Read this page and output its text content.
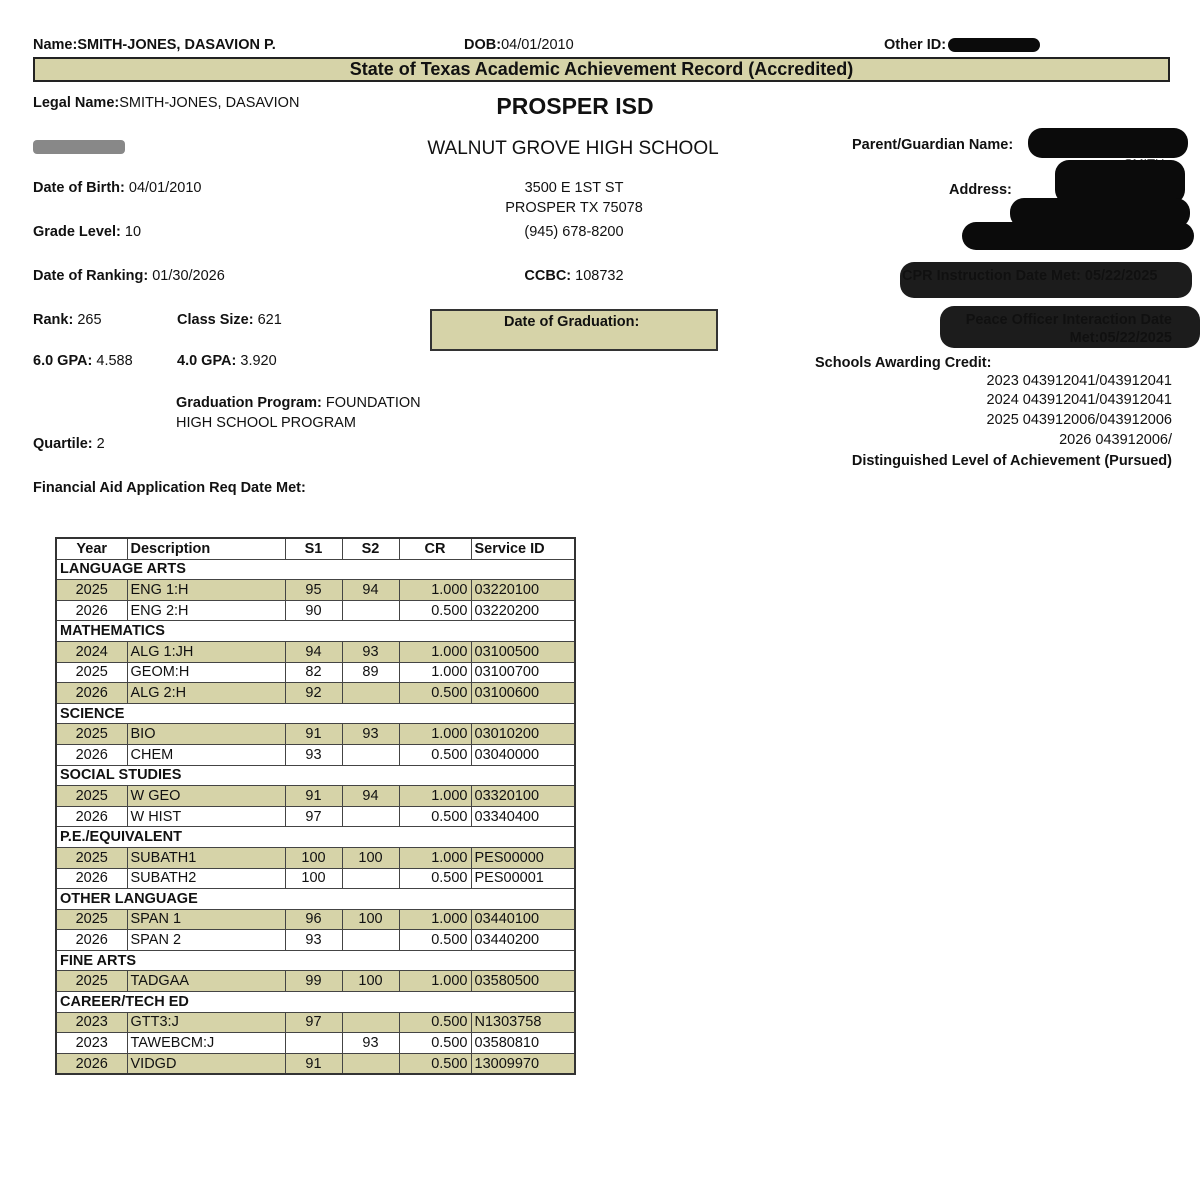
Name:SMITH-JONES, DASAVION P.	DOB:04/01/2010	Other ID:
State of Texas Academic Achievement Record (Accredited)
Legal Name:SMITH-JONES, DASAVION
Date of Birth: 04/01/2010
Grade Level: 10
Date of Ranking: 01/30/2026
Rank: 265	Class Size: 621
6.0 GPA: 4.588	4.0 GPA: 3.920
Graduation Program: FOUNDATION
HIGH SCHOOL PROGRAM
Quartile: 2
Financial Aid Application Req Date Met:
PROSPER ISD
WALNUT GROVE HIGH SCHOOL
3500 E 1ST ST
PROSPER TX 75078
(945) 678-8200
CCBC: 108732
Date of Graduation:
Parent/Guardian Name:
Address:
Schools Awarding Credit:
2023 043912041/043912041
2024 043912041/043912041
2025 043912006/043912006
2026 043912006/
Distinguished Level of Achievement (Pursued)
Year	Description	S1	S2	CR	Service ID
LANGUAGE ARTS					
2025	ENG 1:H	95	94	1.000	03220100
2026	ENG 2:H	90		0.500	03220200
MATHEMATICS					
2024	ALG 1:JH	94	93	1.000	03100500
2025	GEOM:H	82	89	1.000	03100700
2026	ALG 2:H	92		0.500	03100600
SCIENCE					
2025	BIO	91	93	1.000	03010200
2026	CHEM	93		0.500	03040000
SOCIAL STUDIES					
2025	W GEO	91	94	1.000	03320100
2026	W HIST	97		0.500	03340400
P.E./EQUIVALENT					
2025	SUBATH1	100	100	1.000	PES00000
2026	SUBATH2	100		0.500	PES00001
OTHER LANGUAGE					
2025	SPAN 1	96	100	1.000	03440100
2026	SPAN 2	93		0.500	03440200
FINE ARTS					
2025	TADGAA	99	100	1.000	03580500
CAREER/TECH ED					
2023	GTT3:J	97		0.500	N1303758
2023	TAWEBCM:J		93	0.500	03580810
2026	VIDGD	91		0.500	13009970
